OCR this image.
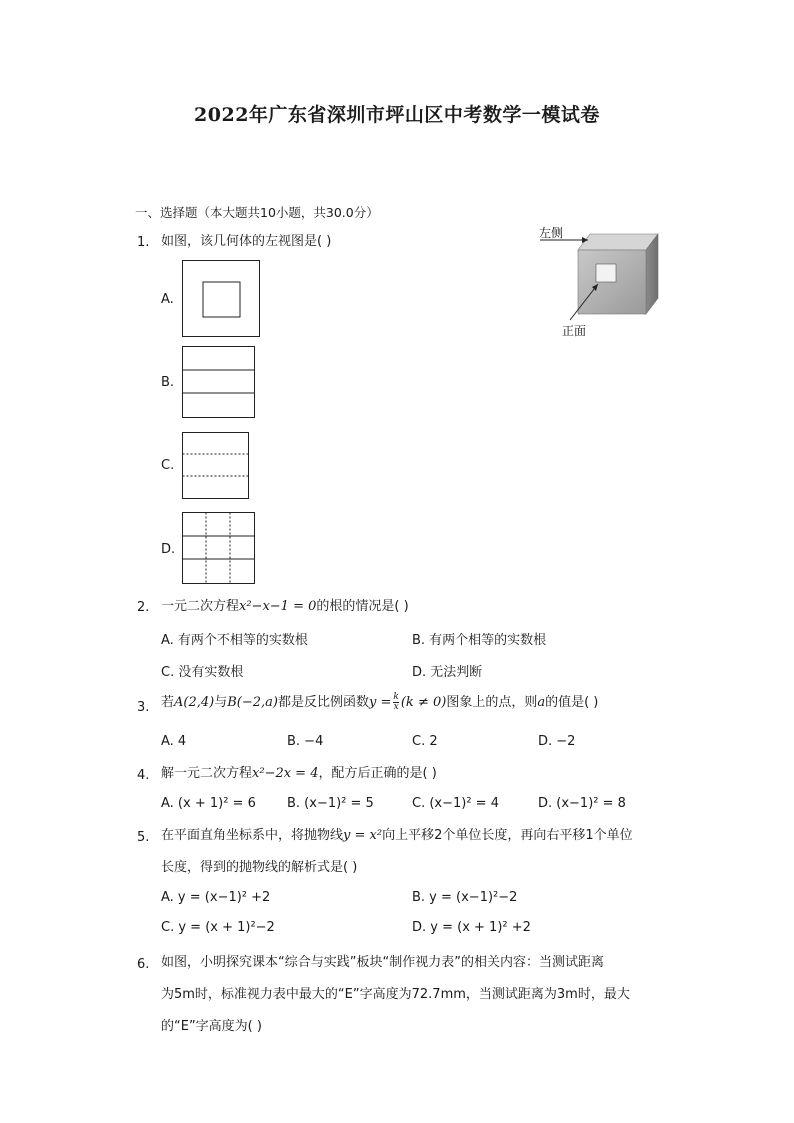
2022年广东省深圳市坪山区中考数学一模试卷
一、选择题（本大题共10小题，共30.0分）
1. 如图，该几何体的左视图是( )
左侧
正面
A.
B.
C.
D.
2. 一元二次方程x²−x−1 = 0的根的情况是( )
A. 有两个不相等的实数根	B. 有两个相等的实数根
C. 没有实数根	D. 无法判断
3. 若A(2,4)与B(−2,a)都是反比例函数$y = \frac{k}{x} (k \ne 0)$图象上的点，则a的值是( )
A. 4	B. −4	C. 2	D. −2
4. 解一元二次方程x²−2x = 4，配方后正确的是( )
A. (x + 1)² = 6 B. (x−1)² = 5	C. (x−1)² = 4	D. (x−1)² = 8
5. 在平面直角坐标系中，将抛物线y = x²向上平移2个单位长度，再向右平移1个单位
长度，得到的抛物线的解析式是( )
A. y = (x−1)² +2	B. y = (x−1)²−2
C. y = (x + 1)²−2	D. y = (x + 1)² +2
6. 如图，小明探究课本“综合与实践”板块“制作视力表”的相关内容：当测试距离
为5m时，标准视力表中最大的“E”字高度为72.7mm，当测试距离为3m时，最大
的“E”字高度为( )
